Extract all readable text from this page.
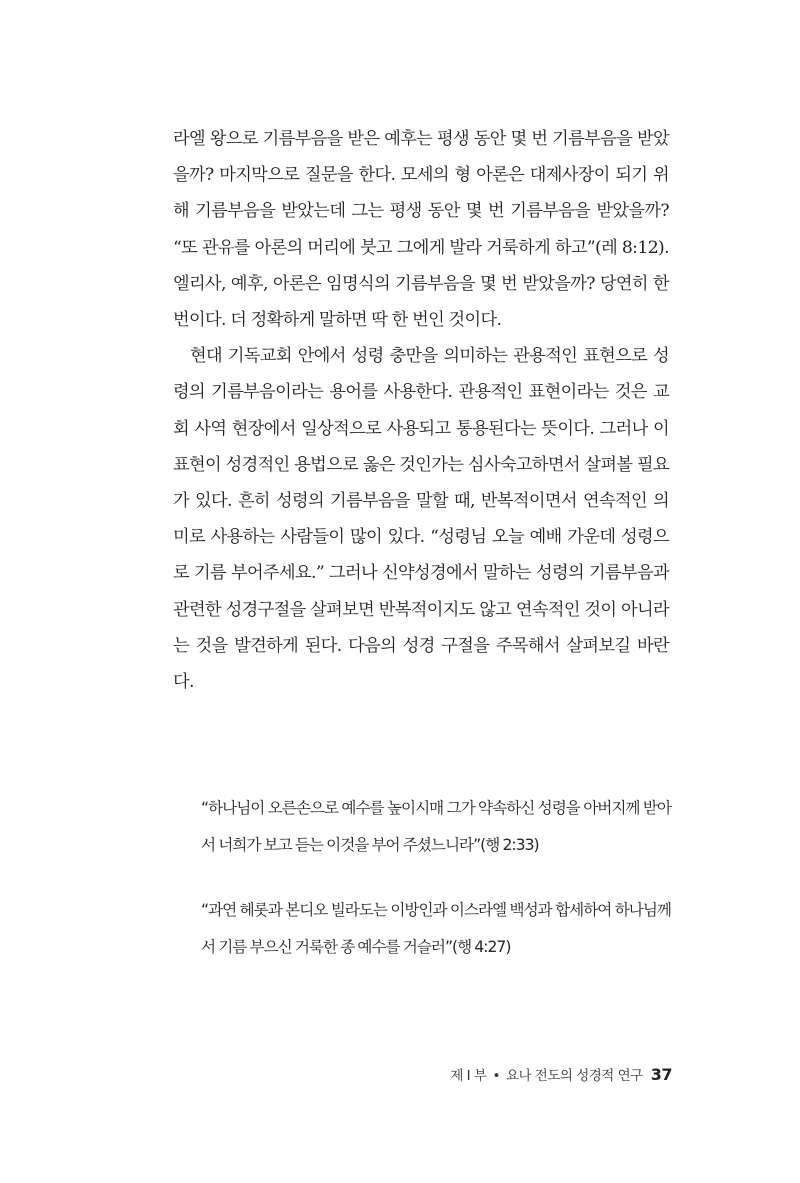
라엘 왕으로 기름부음을 받은 예후는 평생 동안 몇 번 기름부음을 받았을까? 마지막으로 질문을 한다. 모세의 형 아론은 대제사장이 되기 위해 기름부음을 받았는데 그는 평생 동안 몇 번 기름부음을 받았을까? “또 관유를 아론의 머리에 붓고 그에게 발라 거룩하게 하고”(레 8:12). 엘리사, 예후, 아론은 임명식의 기름부음을 몇 번 받았을까? 당연히 한 번이다. 더 정확하게 말하면 딱 한 번인 것이다.

현대 기독교회 안에서 성령 충만을 의미하는 관용적인 표현으로 성령의 기름부음이라는 용어를 사용한다. 관용적인 표현이라는 것은 교회 사역 현장에서 일상적으로 사용되고 통용된다는 뜻이다. 그러나 이 표현이 성경적인 용법으로 옳은 것인가는 심사숙고하면서 살펴볼 필요가 있다. 흔히 성령의 기름부음을 말할 때, 반복적이면서 연속적인 의미로 사용하는 사람들이 많이 있다. “성령님 오늘 예배 가운데 성령으로 기름 부어주세요.” 그러나 신약성경에서 말하는 성령의 기름부음과 관련한 성경구절을 살펴보면 반복적이지도 않고 연속적인 것이 아니라는 것을 발견하게 된다. 다음의 성경 구절을 주목해서 살펴보길 바란다.

“하나님이 오른손으로 예수를 높이시매 그가 약속하신 성령을 아버지께 받아서 너희가 보고 듣는 이것을 부어 주셨느니라”(행 2:33)

“과연 헤롯과 본디오 빌라도는 이방인과 이스라엘 백성과 합세하여 하나님께서 기름 부으신 거룩한 종 예수를 거슬러”(행 4:27)

제 I 부 • 요나 전도의 성경적 연구 37
